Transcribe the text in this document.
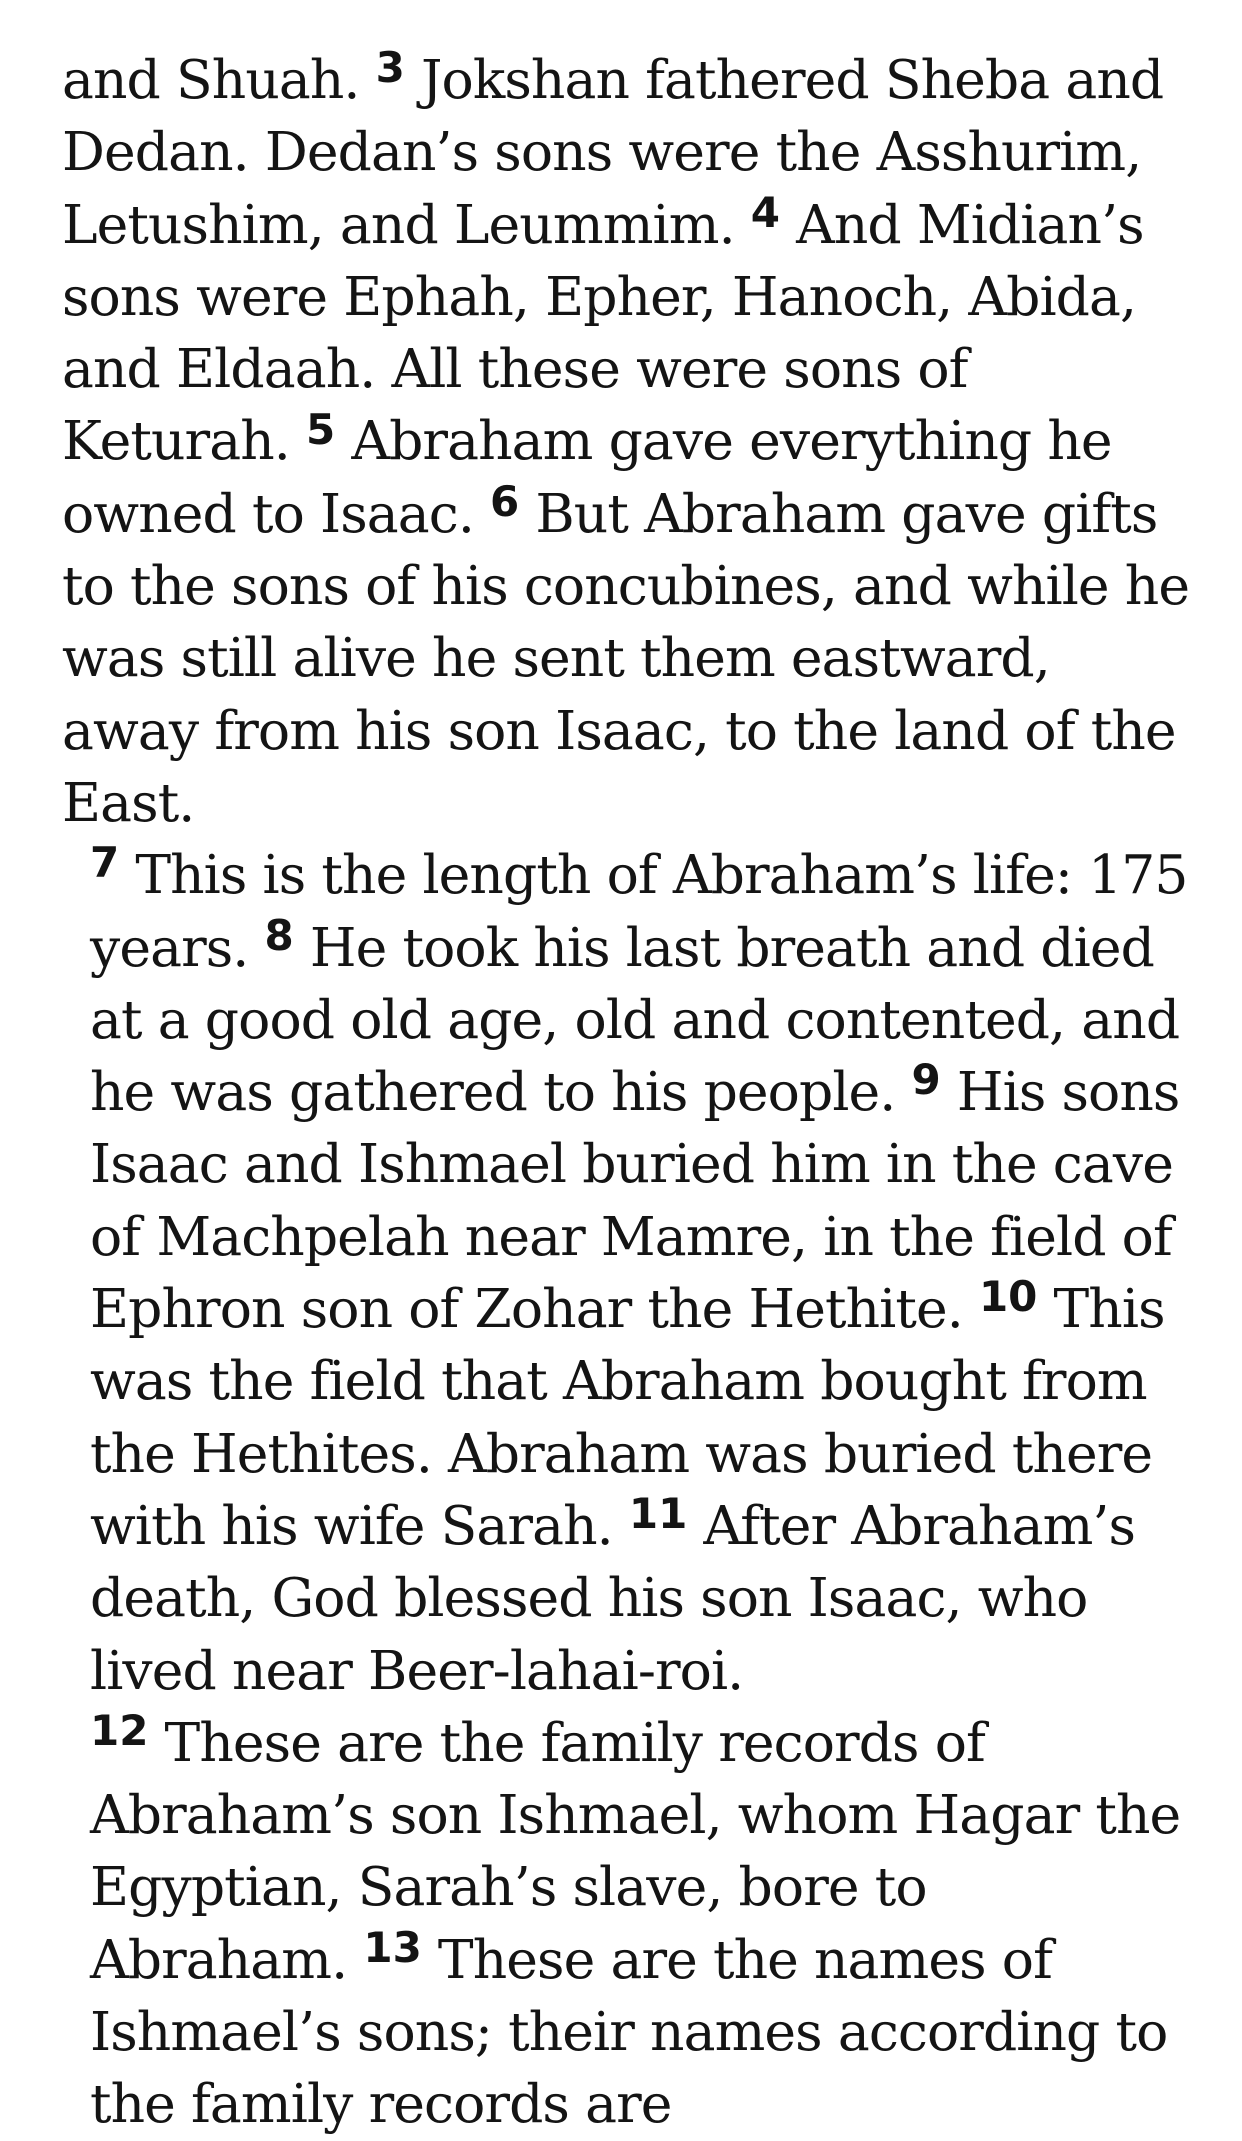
and Shuah. $^3$ Jokshan fathered Sheba and Dedan. Dedan’s sons were the Asshurim, Letushim, and Leummim. $^4$ And Midian’s sons were Ephah, Epher, Hanoch, Abida, and Eldaah. All these were sons of Keturah. $^5$ Abraham gave everything he owned to Isaac. $^6$ But Abraham gave gifts to the sons of his concubines, and while he was still alive he sent them eastward, away from his son Isaac, to the land of the East.

$^7$ This is the length of Abraham’s life: 175 years. $^8$ He took his last breath and died at a good old age, old and contented, and he was gathered to his people. $^9$ His sons Isaac and Ishmael buried him in the cave of Machpelah near Mamre, in the field of Ephron son of Zohar the Hethite. $^{10}$ This was the field that Abraham bought from the Hethites. Abraham was buried there with his wife Sarah. $^{11}$ After Abraham’s death, God blessed his son Isaac, who lived near Beer-lahai-roi.

$^{12}$ These are the family records of Abraham’s son Ishmael, whom Hagar the Egyptian, Sarah’s slave, bore to Abraham. $^{13}$ These are the names of Ishmael’s sons; their names according to the family records are
